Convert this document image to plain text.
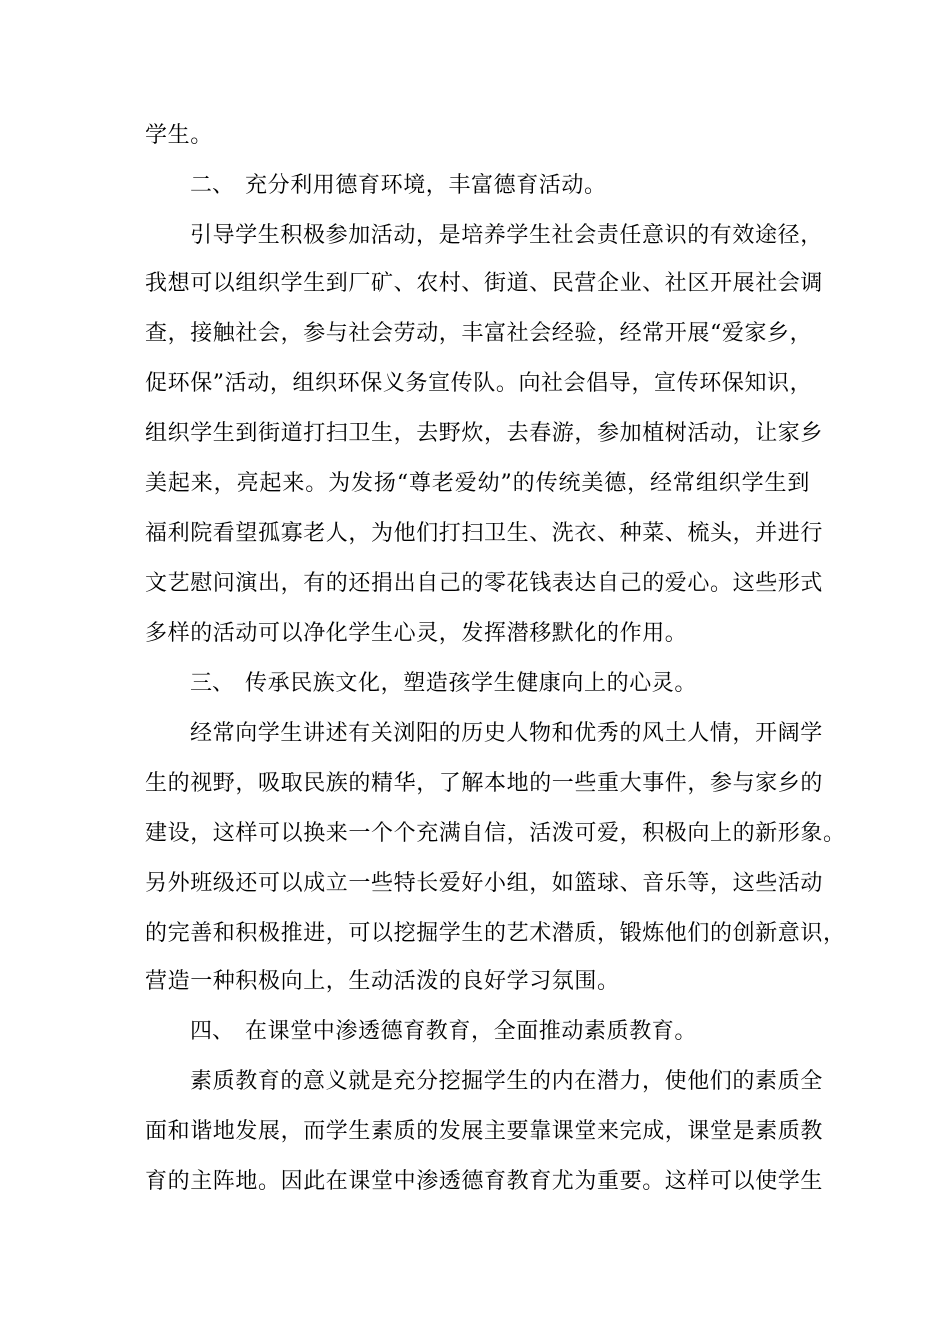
学生。
二、 充分利用德育环境，丰富德育活动。
引导学生积极参加活动，是培养学生社会责任意识的有效途径，
我想可以组织学生到厂矿、农村、街道、民营企业、社区开展社会调
查，接触社会，参与社会劳动，丰富社会经验，经常开展“爱家乡，
促环保”活动，组织环保义务宣传队。向社会倡导，宣传环保知识，
组织学生到街道打扫卫生，去野炊，去春游，参加植树活动，让家乡
美起来，亮起来。为发扬“尊老爱幼”的传统美德，经常组织学生到
福利院看望孤寡老人，为他们打扫卫生、洗衣、种菜、梳头，并进行
文艺慰问演出，有的还捐出自己的零花钱表达自己的爱心。这些形式
多样的活动可以净化学生心灵，发挥潜移默化的作用。
三、 传承民族文化，塑造孩学生健康向上的心灵。
经常向学生讲述有关浏阳的历史人物和优秀的风土人情，开阔学
生的视野，吸取民族的精华，了解本地的一些重大事件，参与家乡的
建设，这样可以换来一个个充满自信，活泼可爱，积极向上的新形象。
另外班级还可以成立一些特长爱好小组，如篮球、音乐等，这些活动
的完善和积极推进，可以挖掘学生的艺术潜质，锻炼他们的创新意识，
营造一种积极向上，生动活泼的良好学习氛围。
四、 在课堂中渗透德育教育，全面推动素质教育。
素质教育的意义就是充分挖掘学生的内在潜力，使他们的素质全
面和谐地发展，而学生素质的发展主要靠课堂来完成，课堂是素质教
育的主阵地。因此在课堂中渗透德育教育尤为重要。这样可以使学生
